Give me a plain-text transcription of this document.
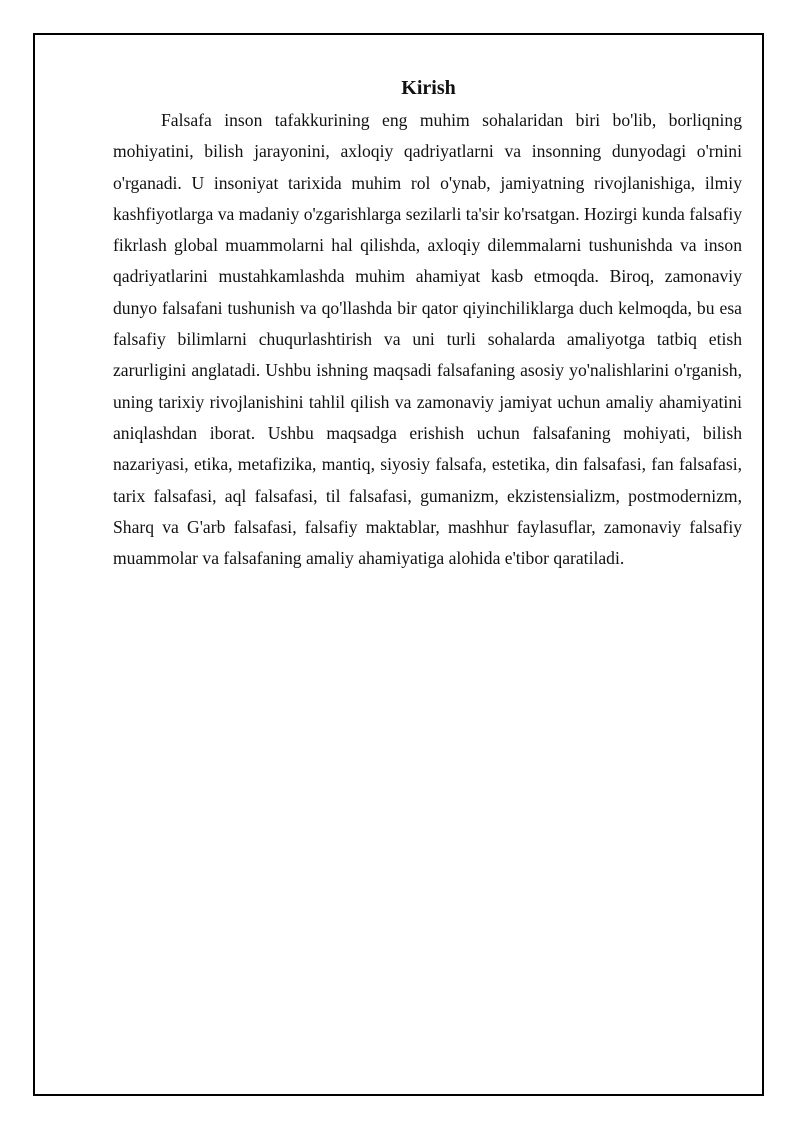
Kirish

Falsafa inson tafakkurining eng muhim sohalaridan biri bo'lib, borliqning mohiyatini, bilish jarayonini, axloqiy qadriyatlarni va insonning dunyodagi o'rnini o'rganadi. U insoniyat tarixida muhim rol o'ynab, jamiyatning rivojlanishiga, ilmiy kashfiyotlarga va madaniy o'zgarishlarga sezilarli ta'sir ko'rsatgan. Hozirgi kunda falsafiy fikrlash global muammolarni hal qilishda, axloqiy dilemmalarni tushunishda va inson qadriyatlarini mustahkamlashda muhim ahamiyat kasb etmoqda. Biroq, zamonaviy dunyo falsafani tushunish va qo'llashda bir qator qiyinchiliklarga duch kelmoqda, bu esa falsafiy bilimlarni chuqurlashtirish va uni turli sohalarda amaliyotga tatbiq etish zarurligini anglatadi. Ushbu ishning maqsadi falsafaning asosiy yo'nalishlarini o'rganish, uning tarixiy rivojlanishini tahlil qilish va zamonaviy jamiyat uchun amaliy ahamiyatini aniqlashdan iborat. Ushbu maqsadga erishish uchun falsafaning mohiyati, bilish nazariyasi, etika, metafizika, mantiq, siyosiy falsafa, estetika, din falsafasi, fan falsafasi, tarix falsafasi, aql falsafasi, til falsafasi, gumanizm, ekzistensializm, postmodernizm, Sharq va G'arb falsafasi, falsafiy maktablar, mashhur faylasuflar, zamonaviy falsafiy muammolar va falsafaning amaliy ahamiyatiga alohida e'tibor qaratiladi.
